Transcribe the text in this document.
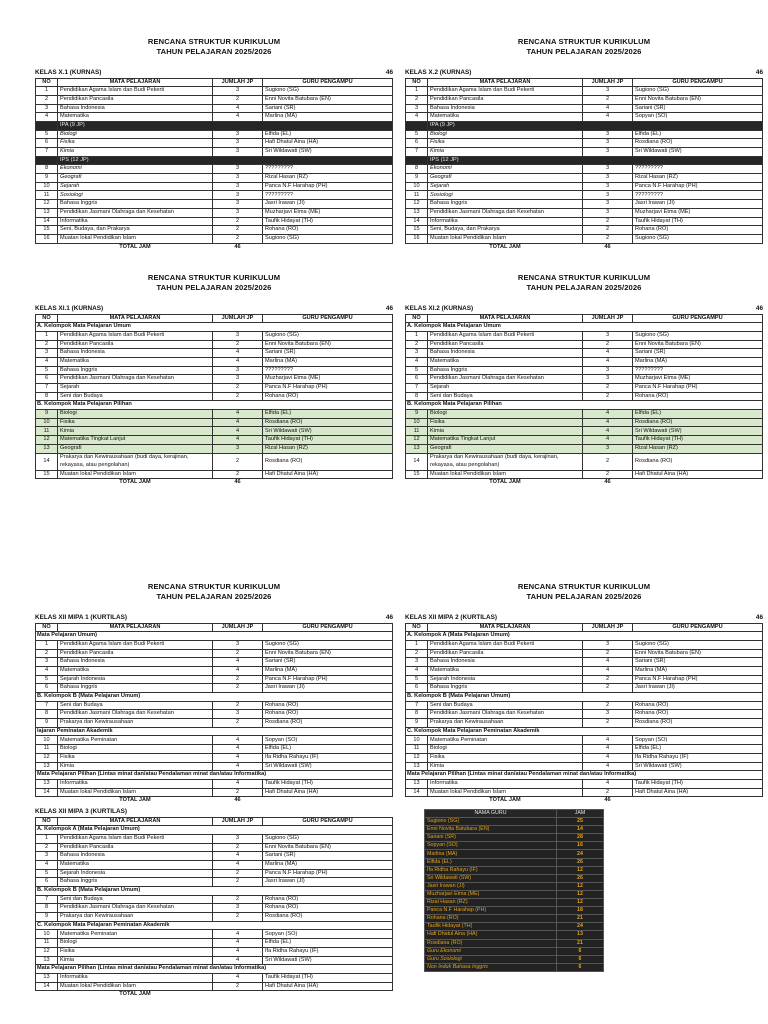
RENCANA STRUKTUR KURIKULUM
TAHUN PELAJARAN 2025/2026
KELAS X.1 (KURNAS)	46
NO	MATA PELAJARAN	JUMLAH JP	GURU PENGAMPU
1	Pendidikan Agama Islam dan Budi Pekerti	3	Sugiono (SG)
2	Pendidikan Pancasila	2	Enni Novita Batubara (EN)
3	Bahasa Indonesia	4	Sariani (SR)
4	Matematika	4	Marlina (MA)
	IPA (9 JP)		
5	Biologi	3	Elfida (EL)
6	Fisika	3	Hafi Dhatul Aina (HA)
7	Kimia	3	Sri Wildawati (SW)
	IPS (12 JP)		
8	Ekonomi	3	?????????
9	Geografi	3	Rizal Hasan (RZ)
10	Sejarah	3	Panca N.F Harahap (PH)
11	Sosiologi	3	?????????
12	Bahasa Inggris	3	Jasri Irawan (JI)
13	Pendidikan Jasmani Olahraga dan Kesehatan	3	Muzharjavi Etma (ME)
14	Informatika	2	Taufik Hidayat (TH)
15	Seni, Budaya, dan Prakarya	2	Rohana (RO)
16	Muatan lokal Pendidikan Islam	2	Sugiono (SG)
	TOTAL JAM	46	
RENCANA STRUKTUR KURIKULUM
TAHUN PELAJARAN 2025/2026
KELAS X.2 (KURNAS)	46
NO	MATA PELAJARAN	JUMLAH JP	GURU PENGAMPU
1	Pendidikan Agama Islam dan Budi Pekerti	3	Sugiono (SG)
2	Pendidikan Pancasila	2	Enni Novita Batubara (EN)
3	Bahasa Indonesia	4	Sariani (SR)
4	Matematika	4	Sopyan (SO)
	IPA (9 JP)		
5	Biologi	3	Elfida (EL)
6	Fisika	3	Rosdiana (RO)
7	Kimia	3	Sri Wildawati (SW)
	IPS (12 JP)		
8	Ekonomi	3	?????????
9	Geografi	3	Rizal Hasan (RZ)
10	Sejarah	3	Panca N.F Harahap (PH)
11	Sosiologi	3	?????????
12	Bahasa Inggris	3	Jasri Irawan (JI)
13	Pendidikan Jasmani Olahraga dan Kesehatan	3	Muzharjavi Etma (ME)
14	Informatika	2	Taufik Hidayat (TH)
15	Seni, Budaya, dan Prakarya	2	Rohana (RO)
16	Muatan lokal Pendidikan Islam	2	Sugiono (SG)
	TOTAL JAM	46	
RENCANA STRUKTUR KURIKULUM
TAHUN PELAJARAN 2025/2026
KELAS XI.1 (KURNAS)	46
NO	MATA PELAJARAN	JUMLAH JP	GURU PENGAMPU
A. Kelompok Mata Pelajaran Umum			
1	Pendidikan Agama Islam dan Budi Pekerti	3	Sugiono (SG)
2	Pendidikan Pancasila	2	Enni Novita Batubara (EN)
3	Bahasa Indonesia	4	Sariani (SR)
4	Matematika	4	Marlina (MA)
5	Bahasa Inggris	3	?????????
6	Pendidikan Jasmani Olahraga dan Kesehatan	3	Muzharjavi Etma (ME)
7	Sejarah	2	Panca N.F Harahap (PH)
8	Seni dan Budaya	2	Rohana (RO)
B. Kelompok Mata Pelajaran Pilihan			
9	Biologi	4	Elfida (EL)
10	Fisika	4	Rosdiana (RO)
11	Kimia	4	Sri Wildawati (SW)
12	Matematika Tingkat Lanjut	4	Taufik Hidayat (TH)
13	Geografi	3	Rizal Hasan (RZ)
14	Prakarya dan Kewirausahaan (budi daya, kerajinan, rekayasa, atau pengolahan)	2	Rosdiana (RO)
15	Muatan lokal Pendidikan Islam	2	Hafi Dhatul Aina (HA)
	TOTAL JAM	46	
RENCANA STRUKTUR KURIKULUM
TAHUN PELAJARAN 2025/2026
KELAS XI.2 (KURNAS)	46
NO	MATA PELAJARAN	JUMLAH JP	GURU PENGAMPU
A. Kelompok Mata Pelajaran Umum			
1	Pendidikan Agama Islam dan Budi Pekerti	3	Sugiono (SG)
2	Pendidikan Pancasila	2	Enni Novita Batubara (EN)
3	Bahasa Indonesia	4	Sariani (SR)
4	Matematika	4	Marlina (MA)
5	Bahasa Inggris	3	?????????
6	Pendidikan Jasmani Olahraga dan Kesehatan	3	Muzharjavi Etma (ME)
7	Sejarah	2	Panca N.F Harahap (PH)
8	Seni dan Budaya	2	Rohana (RO)
B. Kelompok Mata Pelajaran Pilihan			
9	Biologi	4	Elfida (EL)
10	Fisika	4	Rosdiana (RO)
11	Kimia	4	Sri Wildawati (SW)
12	Matematika Tingkat Lanjut	4	Taufik Hidayat (TH)
13	Geografi	3	Rizal Hasan (RZ)
14	Prakarya dan Kewirausahaan (budi daya, kerajinan, rekayasa, atau pengolahan)	2	Rosdiana (RO)
15	Muatan lokal Pendidikan Islam	2	Hafi Dhatul Aina (HA)
	TOTAL JAM	46	
RENCANA STRUKTUR KURIKULUM
TAHUN PELAJARAN 2025/2026
KELAS XII MIPA 1 (KURTILAS)	46
NO	MATA PELAJARAN	JUMLAH JP	GURU PENGAMPU
Mata Pelajaran Umum)			
1	Pendidikan Agama Islam dan Budi Pekerti	3	Sugiono (SG)
2	Pendidikan Pancasila	2	Enni Novita Batubara (EN)
3	Bahasa Indonesia	4	Sariani (SR)
4	Matematika	4	Marlina (MA)
5	Sejarah Indonesia	2	Panca N.F Harahap (PH)
6	Bahasa Inggris	2	Jasri Irawan (JI)
B. Kelompok B (Mata Pelajaran Umum)			
7	Seni dan Budaya	2	Rohana (RO)
8	Pendidikan Jasmani Olahraga dan Kesehatan	3	Rohana (RO)
9	Prakarya dan Kewirausahaan	2	Rosdiana (RO)
lajaran Peminatan Akademik			
10	Matematika Peminatan	4	Sopyan (SO)
11	Biologi	4	Elfida (EL)
12	Fisika	4	Ifa Ridha Rahayu (IF)
13	Kimia	4	Sri Wildawati (SW)
Mata Pelajaran Pilihan (Lintas minat dan/atau Pendalaman minat dan/atau Informatika)			
13	Informatika	4	Taufik Hidayat (TH)
14	Muatan lokal Pendidikan Islam	2	Hafi Dhatul Aina (HA)
	TOTAL JAM	46	
RENCANA STRUKTUR KURIKULUM
TAHUN PELAJARAN 2025/2026
KELAS XII MIPA 2 (KURTILAS)	46
NO	MATA PELAJARAN	JUMLAH JP	GURU PENGAMPU
A. Kelompok A (Mata Pelajaran Umum)			
1	Pendidikan Agama Islam dan Budi Pekerti	3	Sugiono (SG)
2	Pendidikan Pancasila	2	Enni Novita Batubara (EN)
3	Bahasa Indonesia	4	Sariani (SR)
4	Matematika	4	Marlina (MA)
5	Sejarah Indonesia	2	Panca N.F Harahap (PH)
6	Bahasa Inggris	2	Jasri Irawan (JI)
B. Kelompok B (Mata Pelajaran Umum)			
7	Seni dan Budaya	2	Rohana (RO)
8	Pendidikan Jasmani Olahraga dan Kesehatan	3	Rohana (RO)
9	Prakarya dan Kewirausahaan	2	Rosdiana (RO)
C. Kelompok Mata Pelajaran Peminatan Akademik			
10	Matematika Peminatan	4	Sopyan (SO)
11	Biologi	4	Elfida (EL)
12	Fisika	4	Ifa Ridha Rahayu (IF)
13	Kimia	4	Sri Wildawati (SW)
Mata Pelajaran Pilihan (Lintas minat dan/atau Pendalaman minat dan/atau Informatika)			
13	Informatika	4	Taufik Hidayat (TH)
14	Muatan lokal Pendidikan Islam	2	Hafi Dhatul Aina (HA)
	TOTAL JAM	46	
KELAS XII MIPA 3 (KURTILAS)
NO	MATA PELAJARAN	JUMLAH JP	GURU PENGAMPU
A. Kelompok A (Mata Pelajaran Umum)			
1	Pendidikan Agama Islam dan Budi Pekerti	3	Sugiono (SG)
2	Pendidikan Pancasila	2	Enni Novita Batubara (EN)
3	Bahasa Indonesia	4	Sariani (SR)
4	Matematika	4	Marlina (MA)
5	Sejarah Indonesia	2	Panca N.F Harahap (PH)
6	Bahasa Inggris	2	Jasri Irawan (JI)
B. Kelompok B (Mata Pelajaran Umum)			
7	Seni dan Budaya	2	Rohana (RO)
8	Pendidikan Jasmani Olahraga dan Kesehatan	3	Rohana (RO)
9	Prakarya dan Kewirausahaan	2	Rosdiana (RO)
C. Kelompok Mata Pelajaran Peminatan Akademik			
10	Matematika Peminatan	4	Sopyan (SO)
11	Biologi	4	Elfida (EL)
12	Fisika	4	Ifa Ridha Rahayu (IF)
13	Kimia	4	Sri Wildawati (SW)
Mata Pelajaran Pilihan (Lintas minat dan/atau Pendalaman minat dan/atau Informatika)			
13	Informatika	4	Taufik Hidayat (TH)
14	Muatan lokal Pendidikan Islam	2	Hafi Dhatul Aina (HA)
	TOTAL JAM		
NAMA GURU	JAM
Sugiono (SG)	25
Enni Novita Batubara (EN)	14
Sariani (SR)	28
Sopyan (SO)	16
Marlina (MA)	24
Elfida (EL)	26
Ifa Ridha Rahayu (IF)	12
Sri Wildawati (SW)	26
Jasri Irawan (JI)	12
Muzharjavi Etma (ME)	12
Rizal Hasan (RZ)	12
Panca N.F Harahap (PH)	18
Rohana (RO)	21
Taufik Hidayat (TH)	24
Hafi Dhatul Aina (HA)	13
Rosdiana (RO)	21
Guru Ekonomi	6
Guru Sosiologi	6
Non Induk Bahasa Inggris	6
